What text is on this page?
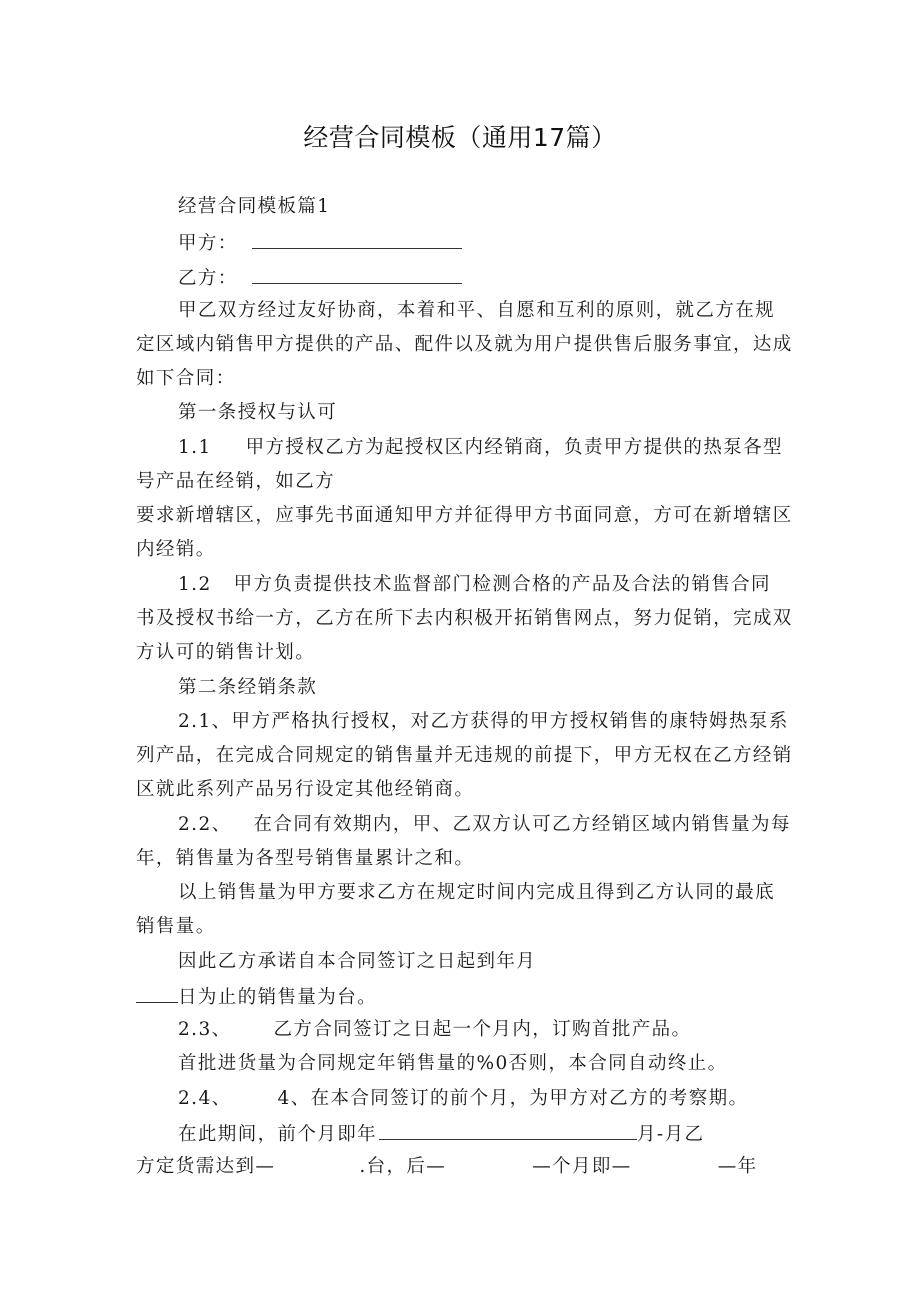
经营合同模板（通用17篇）
经营合同模板篇1
甲方：
乙方：
甲乙双方经过友好协商，本着和平、自愿和互利的原则，就乙方在规
定区域内销售甲方提供的产品、配件以及就为用户提供售后服务事宜，达成
如下合同：
第一条授权与认可
1.1 甲方授权乙方为起授权区内经销商，负责甲方提供的热泵各型
号产品在经销，如乙方
要求新增辖区，应事先书面通知甲方并征得甲方书面同意，方可在新增辖区
内经销。
1.2 甲方负责提供技术监督部门检测合格的产品及合法的销售合同
书及授权书给一方，乙方在所下去内积极开拓销售网点，努力促销，完成双
方认可的销售计划。
第二条经销条款
2.1、甲方严格执行授权，对乙方获得的甲方授权销售的康特姆热泵系
列产品，在完成合同规定的销售量并无违规的前提下，甲方无权在乙方经销
区就此系列产品另行设定其他经销商。
2.2、 在合同有效期内，甲、乙双方认可乙方经销区域内销售量为每
年，销售量为各型号销售量累计之和。
以上销售量为甲方要求乙方在规定时间内完成且得到乙方认同的最底
销售量。
因此乙方承诺自本合同签订之日起到年月
日为止的销售量为台。
2.3、 乙方合同签订之日起一个月内，订购首批产品。
首批进货量为合同规定年销售量的%0否则，本合同自动终止。
2.4、 4、在本合同签订的前个月，为甲方对乙方的考察期。
在此期间，前个月即年	月-月乙
方定货需达到—	.台，后—	—个月即—	—年
